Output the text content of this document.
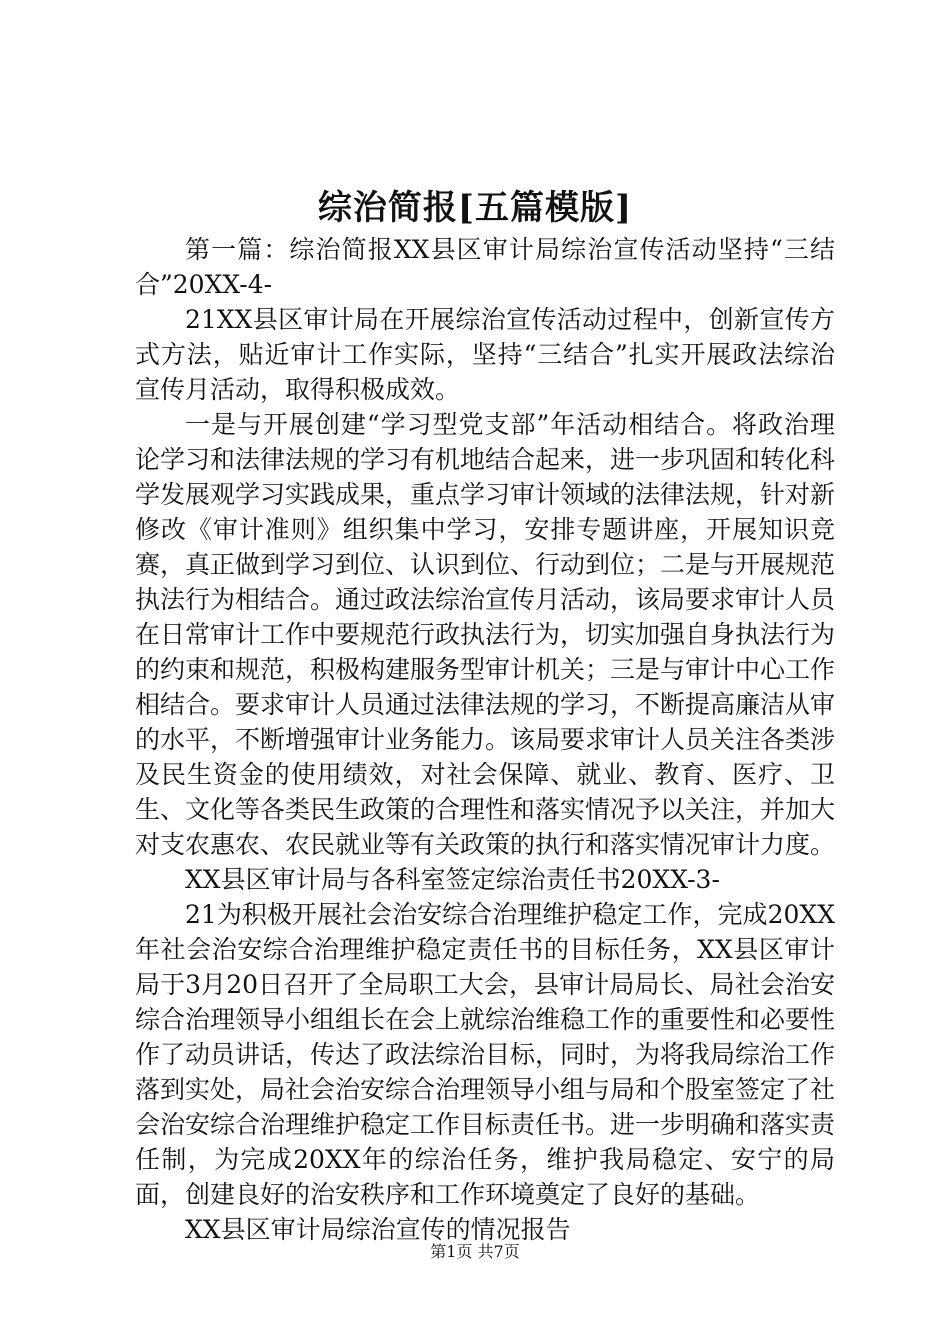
综治简报[五篇模版]

第一篇：综治简报XX县区审计局综治宣传活动坚持“三结合”20XX-4-

21XX县区审计局在开展综治宣传活动过程中，创新宣传方式方法，贴近审计工作实际，坚持“三结合”扎实开展政法综治宣传月活动，取得积极成效。

一是与开展创建“学习型党支部”年活动相结合。将政治理论学习和法律法规的学习有机地结合起来，进一步巩固和转化科学发展观学习实践成果，重点学习审计领域的法律法规，针对新修改《审计准则》组织集中学习，安排专题讲座，开展知识竞赛，真正做到学习到位、认识到位、行动到位；二是与开展规范执法行为相结合。通过政法综治宣传月活动，该局要求审计人员在日常审计工作中要规范行政执法行为，切实加强自身执法行为的约束和规范，积极构建服务型审计机关；三是与审计中心工作相结合。要求审计人员通过法律法规的学习，不断提高廉洁从审的水平，不断增强审计业务能力。该局要求审计人员关注各类涉及民生资金的使用绩效，对社会保障、就业、教育、医疗、卫生、文化等各类民生政策的合理性和落实情况予以关注，并加大对支农惠农、农民就业等有关政策的执行和落实情况审计力度。

XX县区审计局与各科室签定综治责任书20XX-3-

21为积极开展社会治安综合治理维护稳定工作，完成20XX年社会治安综合治理维护稳定责任书的目标任务，XX县区审计局于3月20日召开了全局职工大会，县审计局局长、局社会治安综合治理领导小组组长在会上就综治维稳工作的重要性和必要性作了动员讲话，传达了政法综治目标，同时，为将我局综治工作落到实处，局社会治安综合治理领导小组与局和个股室签定了社会治安综合治理维护稳定工作目标责任书。进一步明确和落实责任制，为完成20XX年的综治任务，维护我局稳定、安宁的局面，创建良好的治安秩序和工作环境奠定了良好的基础。

XX县区审计局综治宣传的情况报告

第1页 共7页
